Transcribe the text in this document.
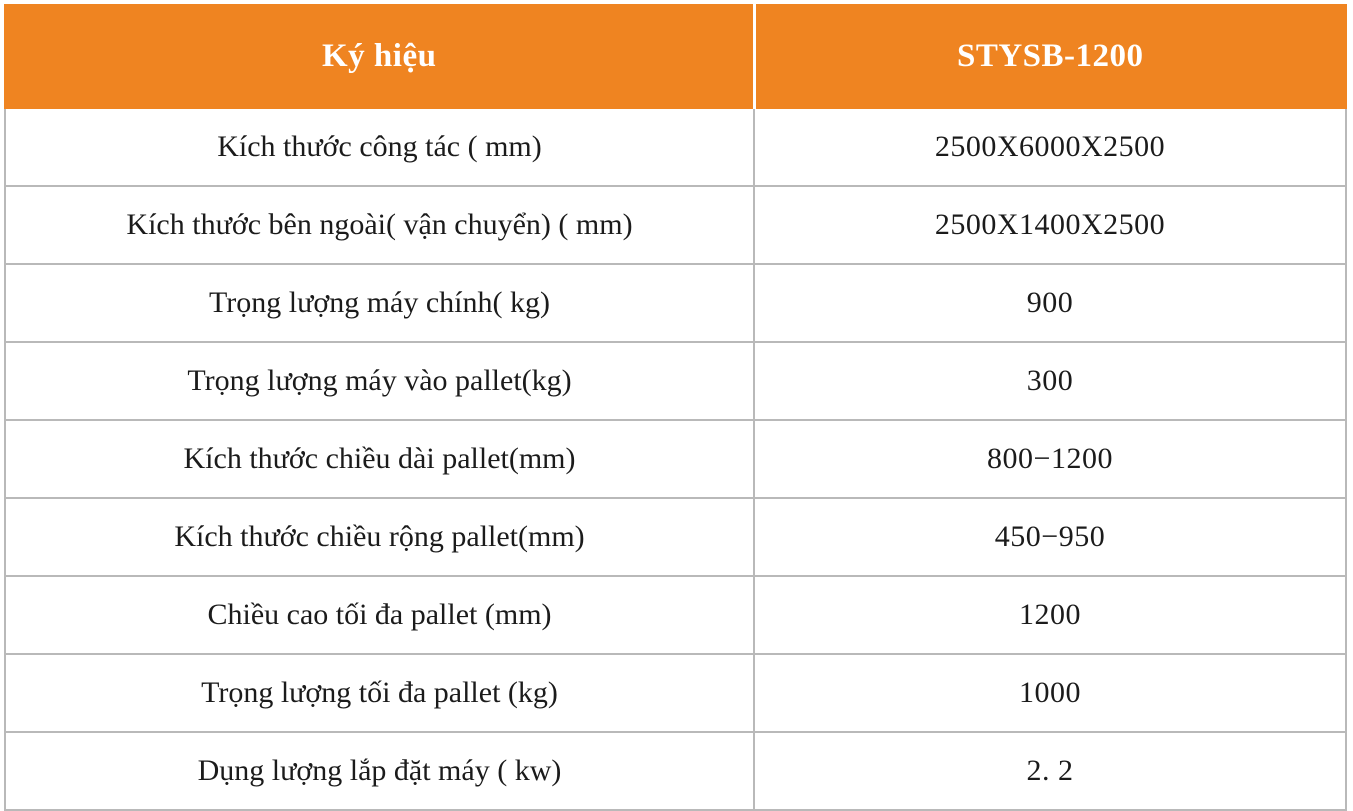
Ký hiệu	STYSB-1200
Kích thước công tác ( mm)	2500X6000X2500
Kích thước bên ngoài( vận chuyển) ( mm)	2500X1400X2500
Trọng lượng máy chính( kg)	900
Trọng lượng máy vào pallet(kg)	300
Kích thước chiều dài pallet(mm)	800−1200
Kích thước chiều rộng pallet(mm)	450−950
Chiều cao tối đa pallet (mm)	1200
Trọng lượng tối đa pallet (kg)	1000
Dụng lượng lắp đặt máy ( kw)	2. 2
